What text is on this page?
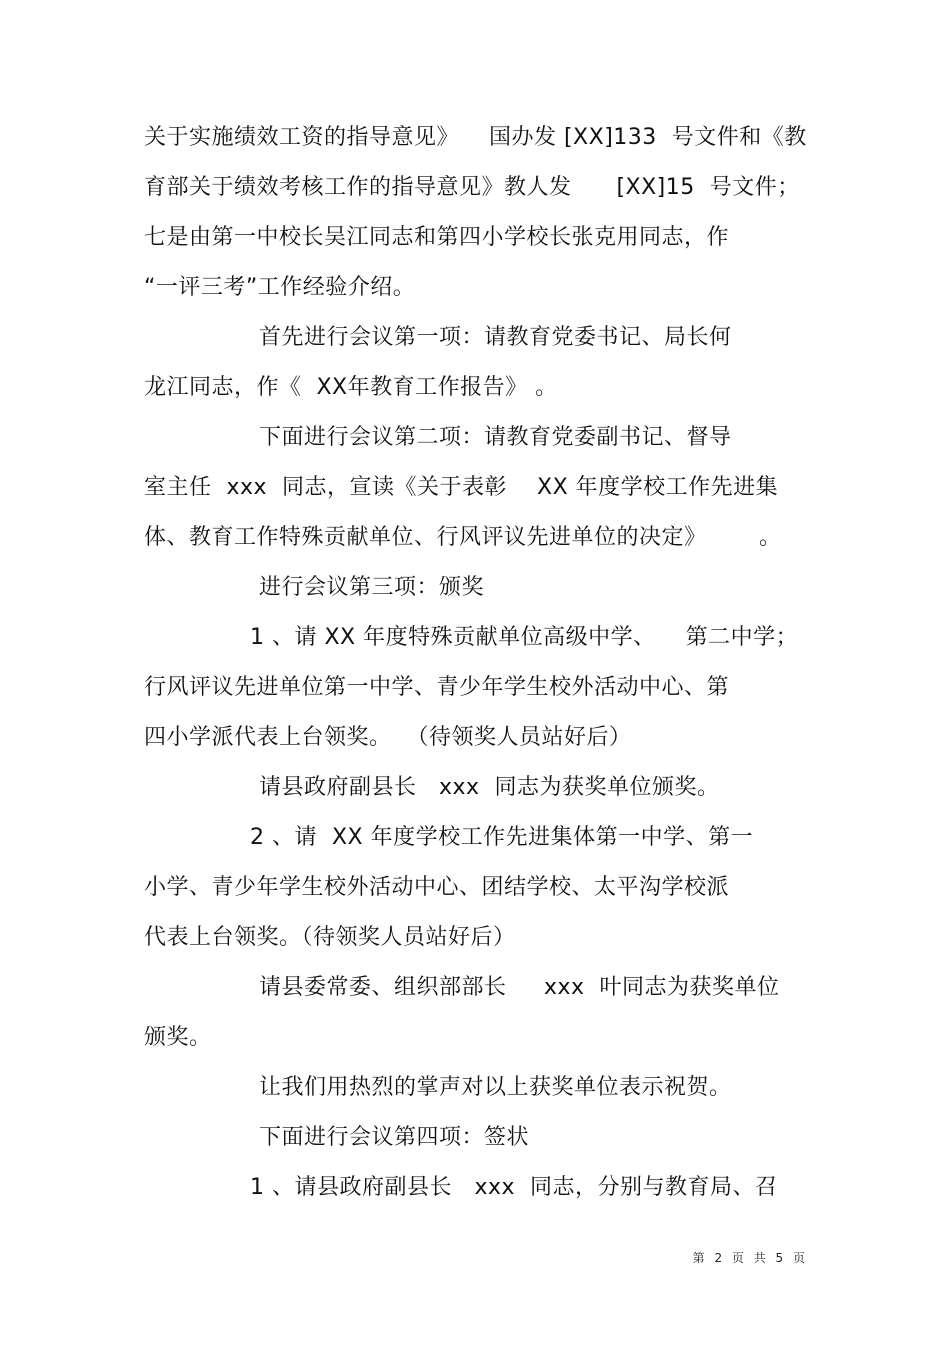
关于实施绩效工资的指导意见》    国办发 [XX]133  号文件和《教
育部关于绩效考核工作的指导意见》教人发      [XX]15  号文件；
七是由第一中校长吴江同志和第四小学校长张克用同志，作
“一评三考”工作经验介绍。
首先进行会议第一项：请教育党委书记、局长何
龙江同志，作《  XX年教育工作报告》 。
下面进行会议第二项：请教育党委副书记、督导
室主任  xxx  同志，宣读《关于表彰    XX 年度学校工作先进集
体、教育工作特殊贡献单位、行风评议先进单位的决定》       。
进行会议第三项：颁奖
1 、请 XX 年度特殊贡献单位高级中学、    第二中学；
行风评议先进单位第一中学、青少年学生校外活动中心、第
四小学派代表上台领奖。  （待领奖人员站好后）
请县政府副县长   xxx  同志为获奖单位颁奖。
2 、请  XX 年度学校工作先进集体第一中学、第一
小学、青少年学生校外活动中心、团结学校、太平沟学校派
代表上台领奖。（待领奖人员站好后）
请县委常委、组织部部长     xxx  叶同志为获奖单位
颁奖。
让我们用热烈的掌声对以上获奖单位表示祝贺。
下面进行会议第四项：签状
1 、请县政府副县长   xxx  同志，分别与教育局、召
第 2 页 共 5 页
